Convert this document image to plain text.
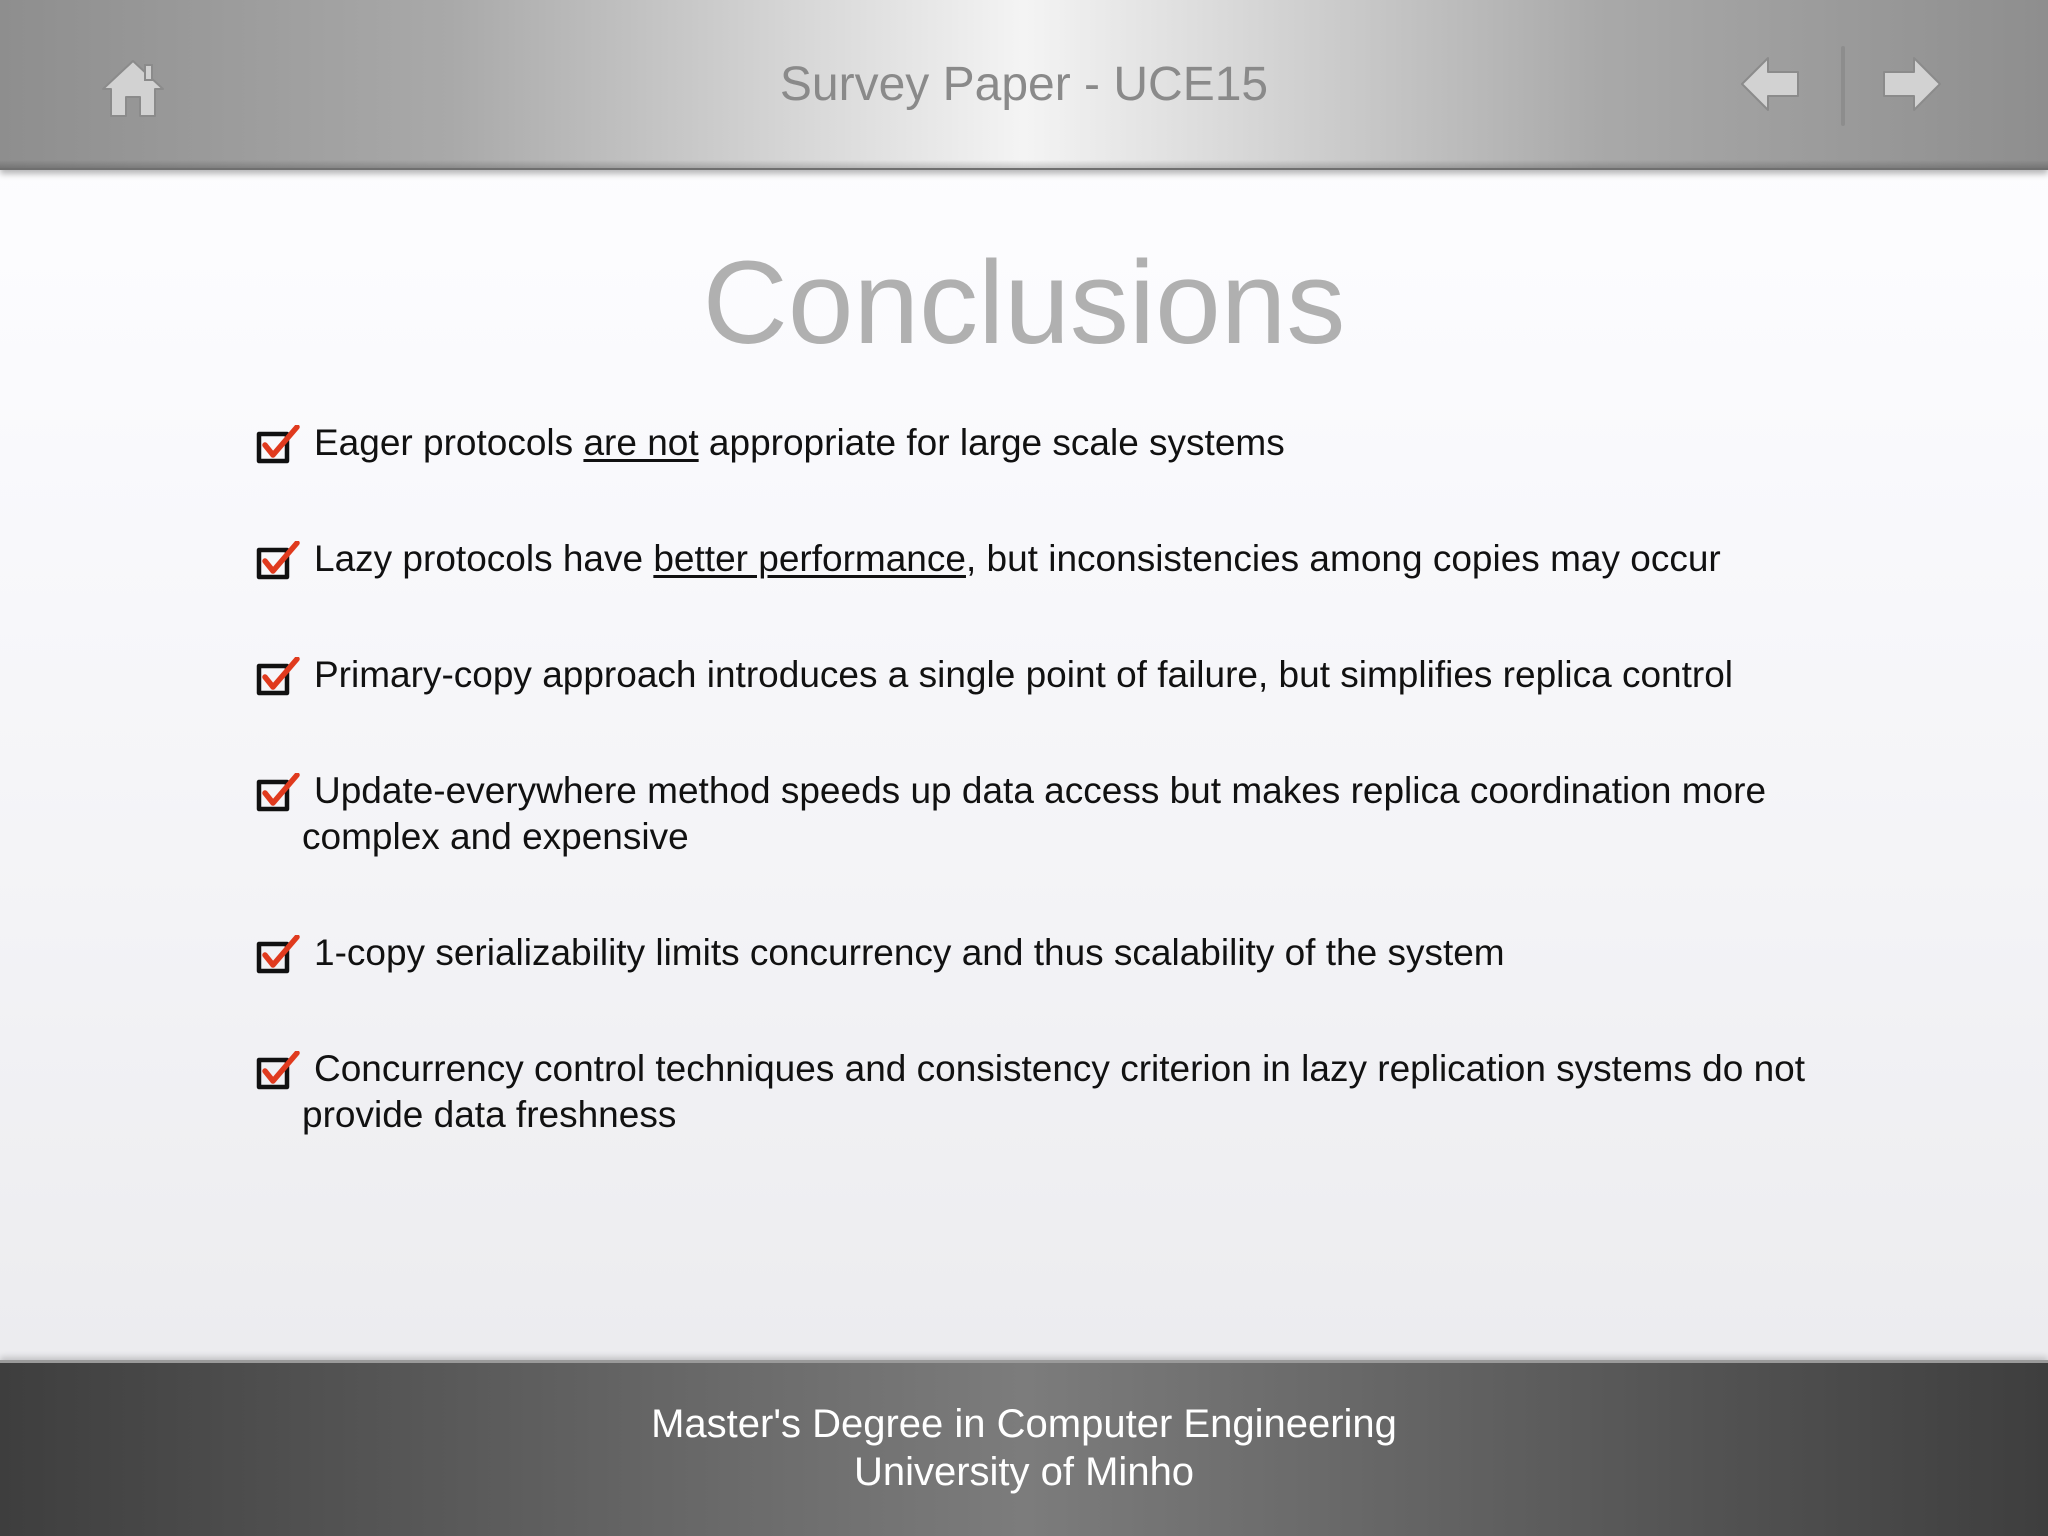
Survey Paper - UCE15
Conclusions
Eager protocols are not appropriate for large scale systems
Lazy protocols have better performance, but inconsistencies among copies may occur
Primary-copy approach introduces a single point of failure, but simplifies replica control
Update-everywhere method speeds up data access but makes replica coordination more
complex and expensive
1-copy serializability limits concurrency and thus scalability of the system
Concurrency control techniques and consistency criterion in lazy replication systems do not
provide data freshness
Master's Degree in Computer Engineering
University of Minho
